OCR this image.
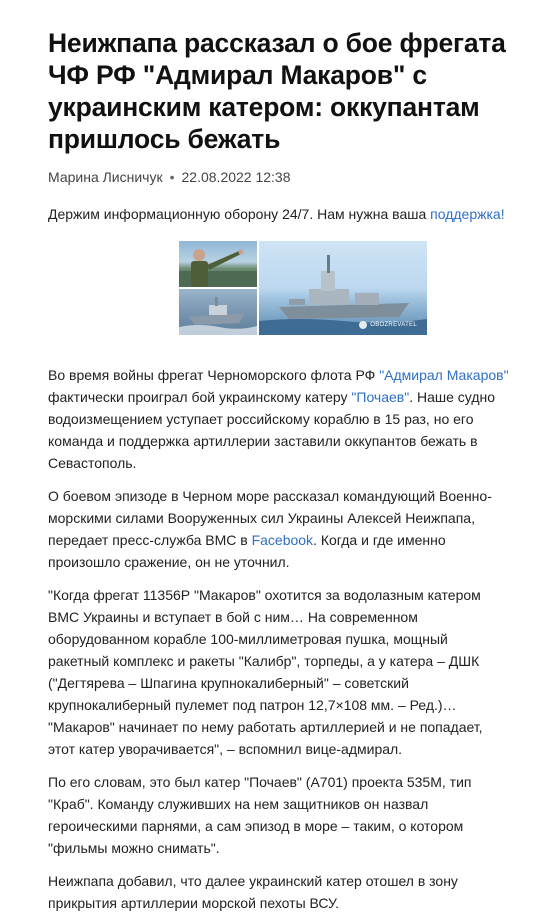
Неижпапа рассказал о бое фрегата ЧФ РФ "Адмирал Макаров" с украинским катером: оккупантам пришлось бежать
Марина Лисничук • 22.08.2022 12:38
Держим информационную оборону 24/7. Нам нужна ваша поддержка!
OBOZREVATEL

Во время войны фрегат Черноморского флота РФ "Адмирал Макаров" фактически проиграл бой украинскому катеру "Почаев". Наше судно водоизмещением уступает российскому кораблю в 15 раз, но его команда и поддержка артиллерии заставили оккупантов бежать в Севастополь.

О боевом эпизоде в Черном море рассказал командующий Военно-морскими силами Вооруженных сил Украины Алексей Неижпапа, передает пресс-служба ВМС в Facebook. Когда и где именно произошло сражение, он не уточнил.

"Когда фрегат 11356Р "Макаров" охотится за водолазным катером ВМС Украины и вступает в бой с ним… На современном оборудованном корабле 100-миллиметровая пушка, мощный ракетный комплекс и ракеты "Калибр", торпеды, а у катера – ДШК ("Дегтярева – Шпагина крупнокалиберный" – советский крупнокалиберный пулемет под патрон 12,7×108 мм. – Ред.)… "Макаров" начинает по нему работать артиллерией и не попадает, этот катер уворачивается", – вспомнил вице-адмирал.

По его словам, это был катер "Почаев" (А701) проекта 535М, тип "Краб". Команду служивших на нем защитников он назвал героическими парнями, а сам эпизод в море – таким, о котором "фильмы можно снимать".

Неижпапа добавил, что далее украинский катер отошел в зону прикрытия артиллерии морской пехоты ВСУ.
